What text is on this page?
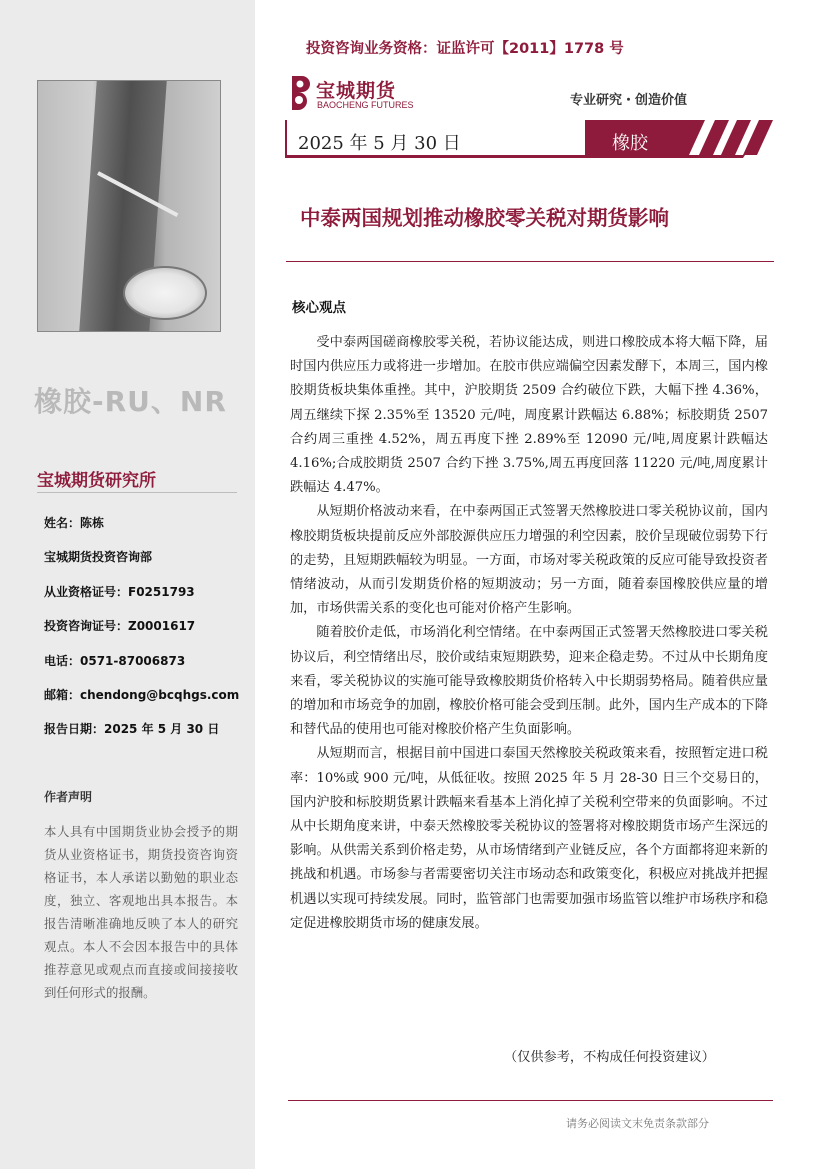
橡胶-RU、NR
宝城期货研究所
姓名：陈栋
宝城期货投资咨询部
从业资格证号：F0251793
投资咨询证号：Z0001617
电话：0571-87006873
邮箱：chendong@bcqhgs.com
报告日期：2025 年 5 月 30 日
作者声明
本人具有中国期货业协会授予的期货从业资格证书，期货投资咨询资格证书，本人承诺以勤勉的职业态度，独立、客观地出具本报告。本报告清晰准确地反映了本人的研究观点。本人不会因本报告中的具体推荐意见或观点而直接或间接接收到任何形式的报酬。
投资咨询业务资格：证监许可【2011】1778 号
宝城期货
BAOCHENG FUTURES	专业研究・创造价值
2025 年 5 月 30 日	橡胶
中泰两国规划推动橡胶零关税对期货影响
核心观点

受中泰两国磋商橡胶零关税，若协议能达成，则进口橡胶成本将大幅下降，届时国内供应压力或将进一步增加。在胶市供应端偏空因素发酵下，本周三，国内橡胶期货板块集体重挫。其中，沪胶期货 2509 合约破位下跌，大幅下挫 4.36%，周五继续下探 2.35%至 13520 元/吨，周度累计跌幅达 6.88%；标胶期货 2507 合约周三重挫 4.52%，周五再度下挫 2.89%至 12090 元/吨,周度累计跌幅达 4.16%;合成胶期货 2507 合约下挫 3.75%,周五再度回落 11220 元/吨,周度累计跌幅达 4.47%。

从短期价格波动来看，在中泰两国正式签署天然橡胶进口零关税协议前，国内橡胶期货板块提前反应外部胶源供应压力增强的利空因素，胶价呈现破位弱势下行的走势，且短期跌幅较为明显。一方面，市场对零关税政策的反应可能导致投资者情绪波动，从而引发期货价格的短期波动；另一方面，随着泰国橡胶供应量的增加，市场供需关系的变化也可能对价格产生影响。

随着胶价走低，市场消化利空情绪。在中泰两国正式签署天然橡胶进口零关税协议后，利空情绪出尽，胶价或结束短期跌势，迎来企稳走势。不过从中长期角度来看，零关税协议的实施可能导致橡胶期货价格转入中长期弱势格局。随着供应量的增加和市场竞争的加剧，橡胶价格可能会受到压制。此外，国内生产成本的下降和替代品的使用也可能对橡胶价格产生负面影响。

从短期而言，根据目前中国进口泰国天然橡胶关税政策来看，按照暂定进口税率：10%或 900 元/吨，从低征收。按照 2025 年 5 月 28-30 日三个交易日的，国内沪胶和标胶期货累计跌幅来看基本上消化掉了关税利空带来的负面影响。不过从中长期角度来讲，中泰天然橡胶零关税协议的签署将对橡胶期货市场产生深远的影响。从供需关系到价格走势，从市场情绪到产业链反应，各个方面都将迎来新的挑战和机遇。市场参与者需要密切关注市场动态和政策变化，积极应对挑战并把握机遇以实现可持续发展。同时，监管部门也需要加强市场监管以维护市场秩序和稳定促进橡胶期货市场的健康发展。

（仅供参考，不构成任何投资建议）
请务必阅读文末免责条款部分
